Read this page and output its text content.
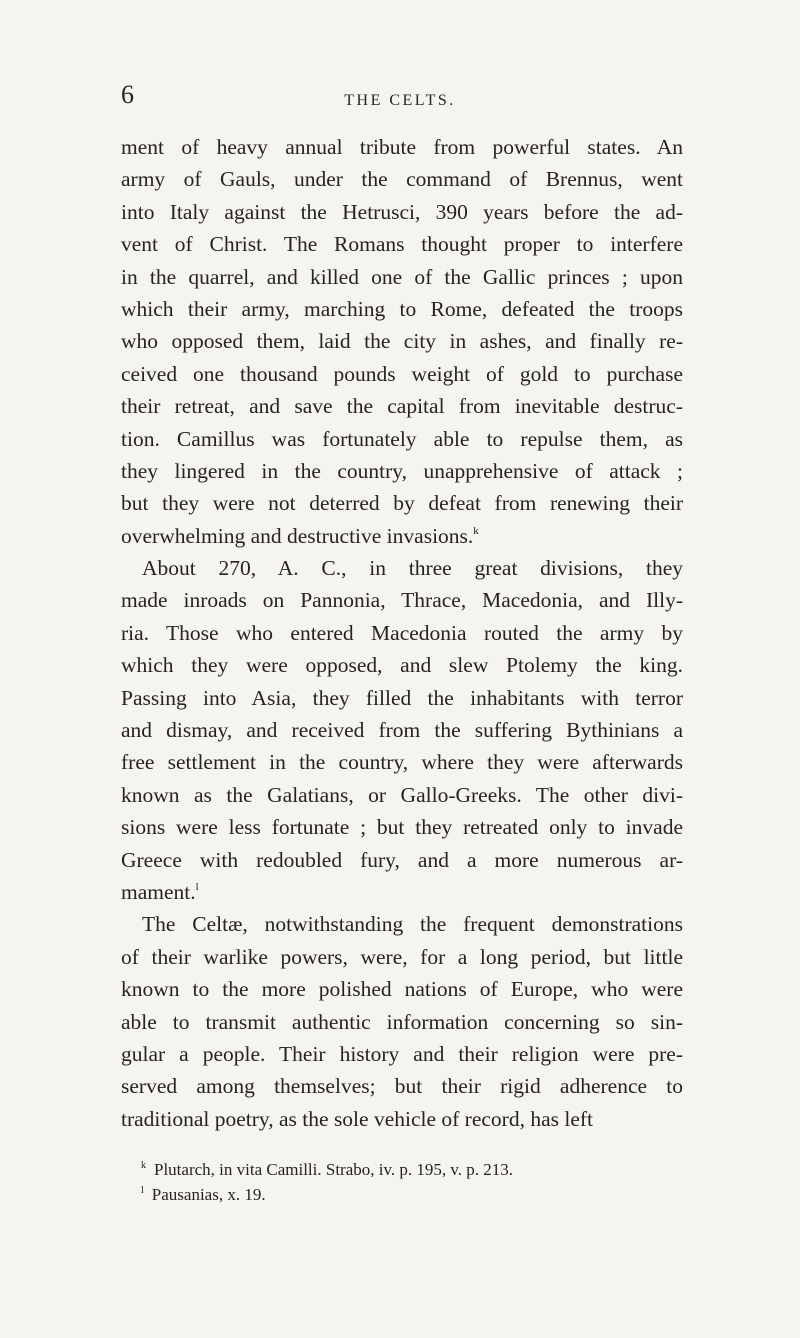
6	THE CELTS.
ment of heavy annual tribute from powerful states. An
army of Gauls, under the command of Brennus, went
into Italy against the Hetrusci, 390 years before the ad-
vent of Christ. The Romans thought proper to interfere
in the quarrel, and killed one of the Gallic princes ; upon
which their army, marching to Rome, defeated the troops
who opposed them, laid the city in ashes, and finally re-
ceived one thousand pounds weight of gold to purchase
their retreat, and save the capital from inevitable destruc-
tion. Camillus was fortunately able to repulse them, as
they lingered in the country, unapprehensive of attack ;
but they were not deterred by defeat from renewing their
overwhelming and destructive invasions.$^k$
About 270, A. C., in three great divisions, they
made inroads on Pannonia, Thrace, Macedonia, and Illy-
ria. Those who entered Macedonia routed the army by
which they were opposed, and slew Ptolemy the king.
Passing into Asia, they filled the inhabitants with terror
and dismay, and received from the suffering Bythinians a
free settlement in the country, where they were afterwards
known as the Galatians, or Gallo-Greeks. The other divi-
sions were less fortunate ; but they retreated only to invade
Greece with redoubled fury, and a more numerous ar-
mament.$^l$
The Celtæ, notwithstanding the frequent demonstrations
of their warlike powers, were, for a long period, but little
known to the more polished nations of Europe, who were
able to transmit authentic information concerning so sin-
gular a people. Their history and their religion were pre-
served among themselves; but their rigid adherence to
traditional poetry, as the sole vehicle of record, has left
$^k$ Plutarch, in vita Camilli. Strabo, iv. p. 195, v. p. 213.
$^l$ Pausanias, x. 19.
